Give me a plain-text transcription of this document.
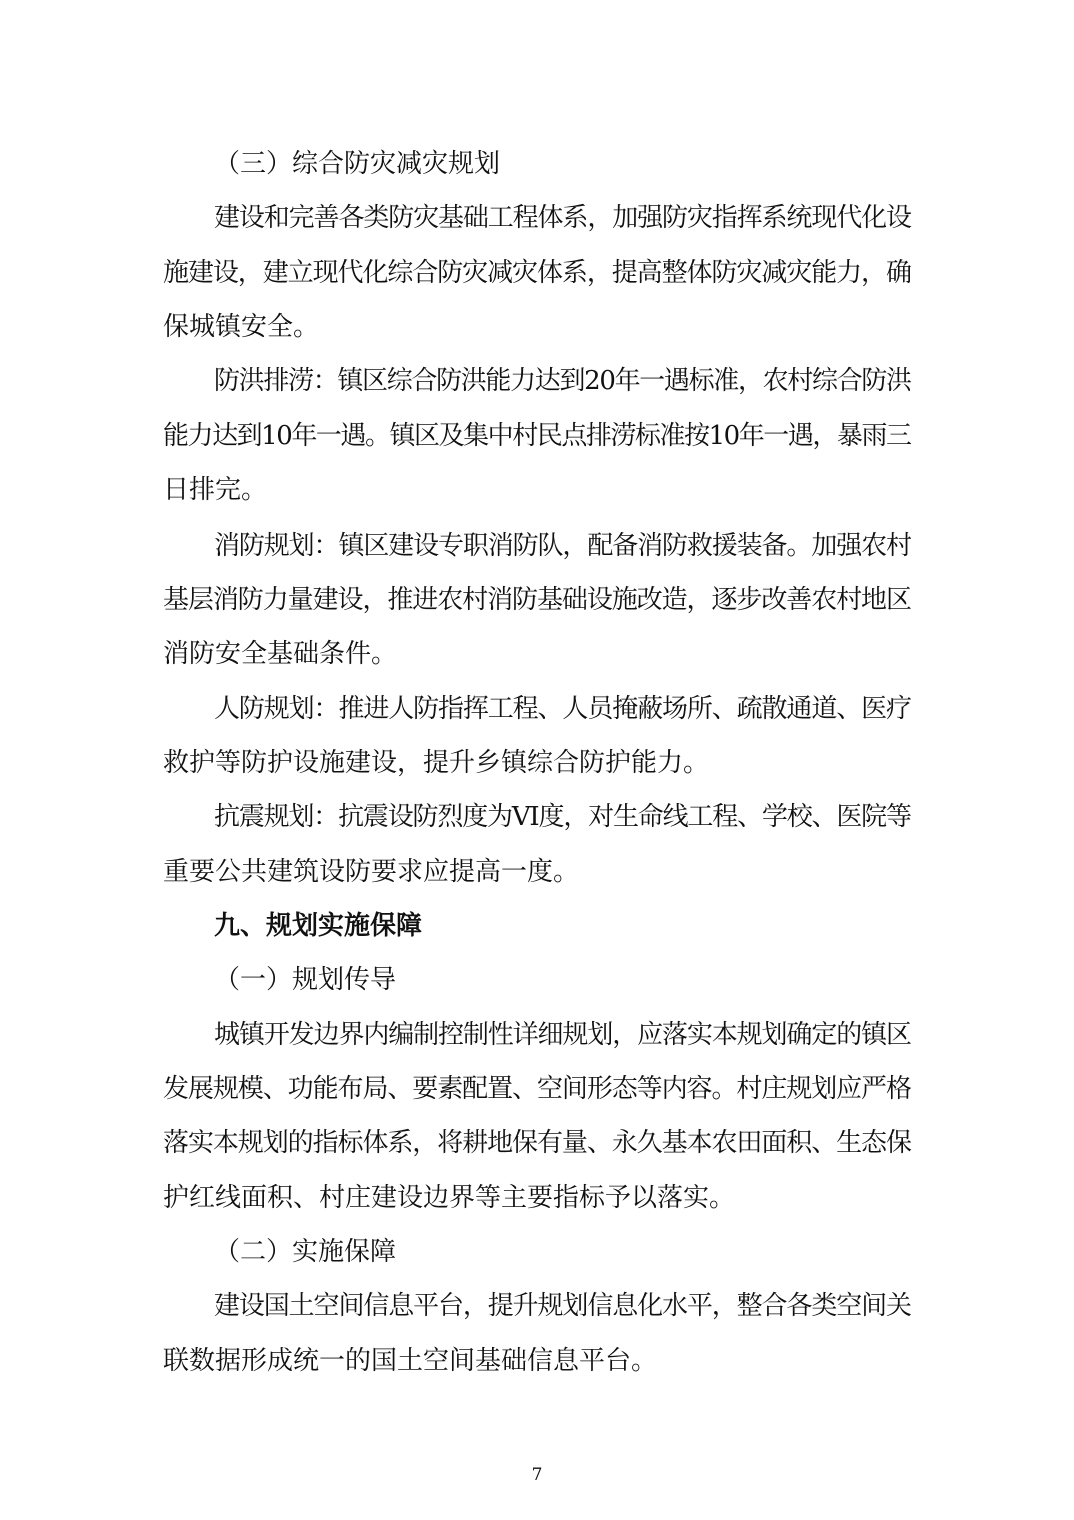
（三）综合防灾减灾规划
建设和完善各类防灾基础工程体系，加强防灾指挥系统现代化设
施建设，建立现代化综合防灾减灾体系，提高整体防灾减灾能力，确
保城镇安全。
防洪排涝：镇区综合防洪能力达到20年一遇标准，农村综合防洪
能力达到10年一遇。镇区及集中村民点排涝标准按10年一遇，暴雨三
日排完。
消防规划：镇区建设专职消防队，配备消防救援装备。加强农村
基层消防力量建设，推进农村消防基础设施改造，逐步改善农村地区
消防安全基础条件。
人防规划：推进人防指挥工程、人员掩蔽场所、疏散通道、医疗
救护等防护设施建设，提升乡镇综合防护能力。
抗震规划：抗震设防烈度为VI度，对生命线工程、学校、医院等
重要公共建筑设防要求应提高一度。
九、规划实施保障
（一）规划传导
城镇开发边界内编制控制性详细规划，应落实本规划确定的镇区
发展规模、功能布局、要素配置、空间形态等内容。村庄规划应严格
落实本规划的指标体系，将耕地保有量、永久基本农田面积、生态保
护红线面积、村庄建设边界等主要指标予以落实。
（二）实施保障
建设国土空间信息平台，提升规划信息化水平，整合各类空间关
联数据形成统一的国土空间基础信息平台。
7
